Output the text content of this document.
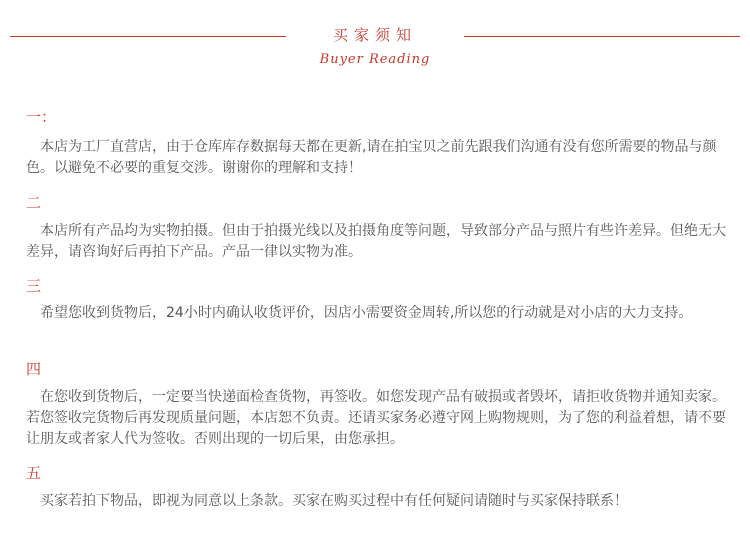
买家须知
Buyer Reading
一：
本店为工厂直营店，由于仓库库存数据每天都在更新,请在拍宝贝之前先跟我们沟通有没有您所需要的物品与颜色。以避免不必要的重复交涉。谢谢你的理解和支持！
二
本店所有产品均为实物拍摄。但由于拍摄光线以及拍摄角度等问题，导致部分产品与照片有些许差异。但绝无大差异，请咨询好后再拍下产品。产品一律以实物为准。
三
希望您收到货物后，24小时内确认收货评价，因店小需要资金周转,所以您的行动就是对小店的大力支持。
四
在您收到货物后，一定要当快递面检查货物，再签收。如您发现产品有破损或者毁坏，请拒收货物并通知卖家。若您签收完货物后再发现质量问题，本店恕不负责。还请买家务必遵守网上购物规则，为了您的利益着想，请不要让朋友或者家人代为签收。否则出现的一切后果，由您承担。
五
买家若拍下物品，即视为同意以上条款。买家在购买过程中有任何疑问请随时与买家保持联系！
